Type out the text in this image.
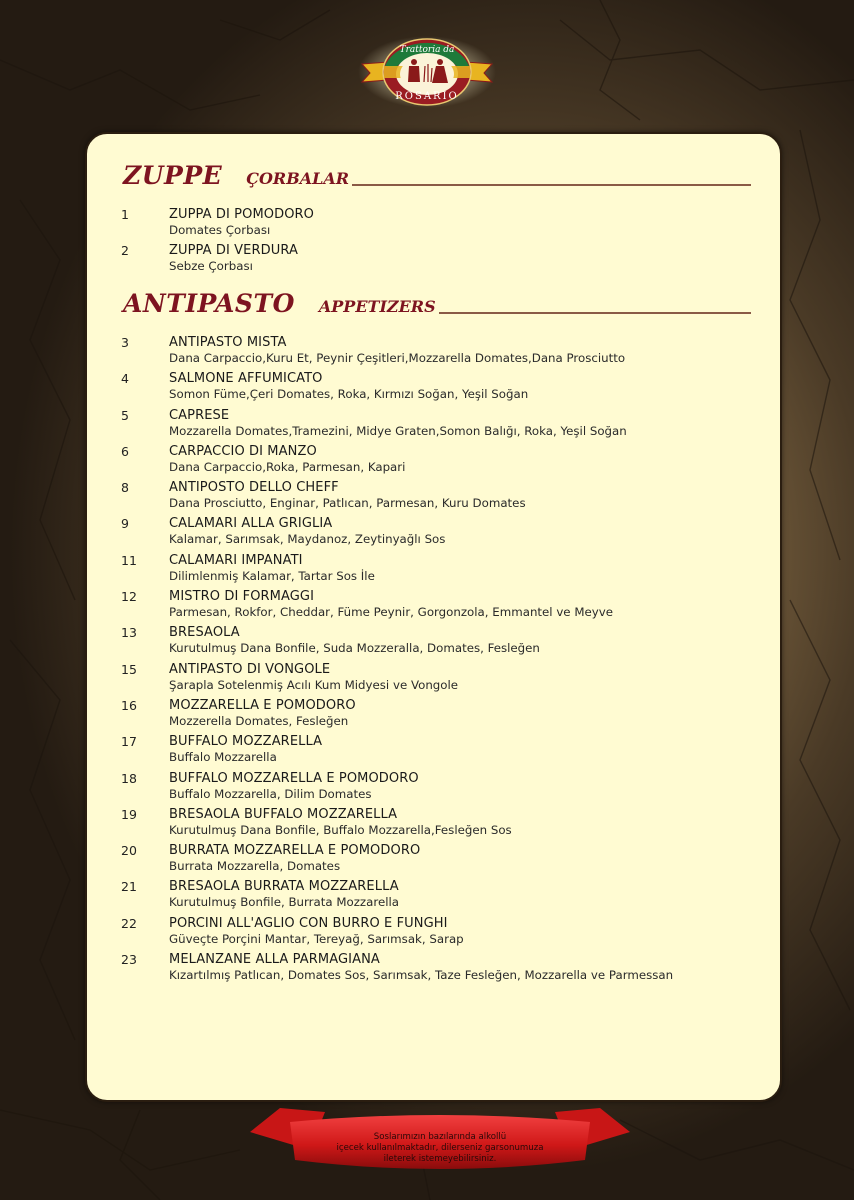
Trattoria da
ROSARIO
ZUPPE ÇORBALAR
1	ZUPPA DI POMODORO
Domates Çorbası
2	ZUPPA DI VERDURA
Sebze Çorbası
ANTIPASTO APPETIZERS
3	ANTIPASTO MISTA
Dana Carpaccio,Kuru Et, Peynir Çeşitleri,Mozzarella Domates,Dana Prosciutto
4	SALMONE AFFUMICATO
Somon Füme,Çeri Domates, Roka, Kırmızı Soğan, Yeşil Soğan
5	CAPRESE
Mozzarella Domates,Tramezini, Midye Graten,Somon Balığı, Roka, Yeşil Soğan
6	CARPACCIO DI MANZO
Dana Carpaccio,Roka, Parmesan, Kapari
8	ANTIPOSTO DELLO CHEFF
Dana Prosciutto, Enginar, Patlıcan, Parmesan, Kuru Domates
9	CALAMARI ALLA GRIGLIA
Kalamar, Sarımsak, Maydanoz, Zeytinyağlı Sos
11	CALAMARI IMPANATI
Dilimlenmiş Kalamar, Tartar Sos İle
12	MISTRO DI FORMAGGI
Parmesan, Rokfor, Cheddar, Füme Peynir, Gorgonzola, Emmantel ve Meyve
13	BRESAOLA
Kurutulmuş Dana Bonfile, Suda Mozzeralla, Domates, Fesleğen
15	ANTIPASTO DI VONGOLE
Şarapla Sotelenmiş Acılı Kum Midyesi ve Vongole
16	MOZZARELLA E POMODORO
Mozzerella Domates, Fesleğen
17	BUFFALO MOZZARELLA
Buffalo Mozzarella
18	BUFFALO MOZZARELLA E POMODORO
Buffalo Mozzarella, Dilim Domates
19	BRESAOLA BUFFALO MOZZARELLA
Kurutulmuş Dana Bonfile, Buffalo Mozzarella,Fesleğen Sos
20	BURRATA MOZZARELLA E POMODORO
Burrata Mozzarella, Domates
21	BRESAOLA BURRATA MOZZARELLA
Kurutulmuş Bonfile, Burrata Mozzarella
22	PORCINI ALL'AGLIO CON BURRO E FUNGHI
Güveçte Porçini Mantar, Tereyağ, Sarımsak, Sarap
23	MELANZANE ALLA PARMAGIANA
Kızartılmış Patlıcan, Domates Sos, Sarımsak, Taze Fesleğen, Mozzarella ve Parmessan
Soslarımızın bazılarında alkollü
içecek kullanılmaktadır, dilerseniz garsonumuza
ileterek istemeyebilirsiniz.
